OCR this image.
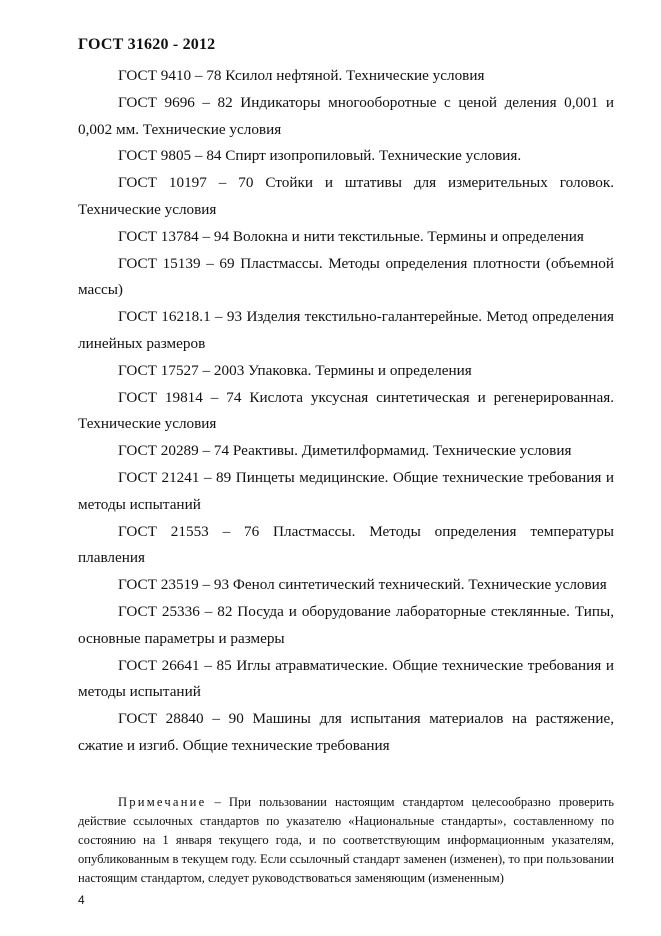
ГОСТ 31620 - 2012

ГОСТ 9410 – 78 Ксилол нефтяной. Технические условия

ГОСТ 9696 – 82 Индикаторы многооборотные с ценой деления 0,001 и 0,002 мм. Технические условия

ГОСТ 9805 – 84 Спирт изопропиловый. Технические условия.

ГОСТ 10197 – 70 Стойки и штативы для измерительных головок. Технические условия

ГОСТ 13784 – 94 Волокна и нити текстильные. Термины и определения

ГОСТ 15139 – 69 Пластмассы. Методы определения плотности (объемной массы)

ГОСТ 16218.1 – 93 Изделия текстильно-галантерейные. Метод определения линейных размеров

ГОСТ 17527 – 2003 Упаковка. Термины и определения

ГОСТ 19814 – 74 Кислота уксусная синтетическая и регенерированная. Технические условия

ГОСТ 20289 – 74 Реактивы. Диметилформамид. Технические условия

ГОСТ 21241 – 89 Пинцеты медицинские. Общие технические требования и методы испытаний

ГОСТ 21553 – 76 Пластмассы. Методы определения температуры плавления

ГОСТ 23519 – 93 Фенол синтетический технический. Технические условия

ГОСТ 25336 – 82 Посуда и оборудование лабораторные стеклянные. Типы, основные параметры и размеры

ГОСТ 26641 – 85 Иглы атравматические. Общие технические требования и методы испытаний

ГОСТ 28840 – 90 Машины для испытания материалов на растяжение, сжатие и изгиб. Общие технические требования

Примечание – При пользовании настоящим стандартом целесообразно проверить действие ссылочных стандартов по указателю «Национальные стандарты», составленному по состоянию на 1 января текущего года, и по соответствующим информационным указателям, опубликованным в текущем году. Если ссылочный стандарт заменен (изменен), то при пользовании настоящим стандартом, следует руководствоваться заменяющим (измененным)
4
